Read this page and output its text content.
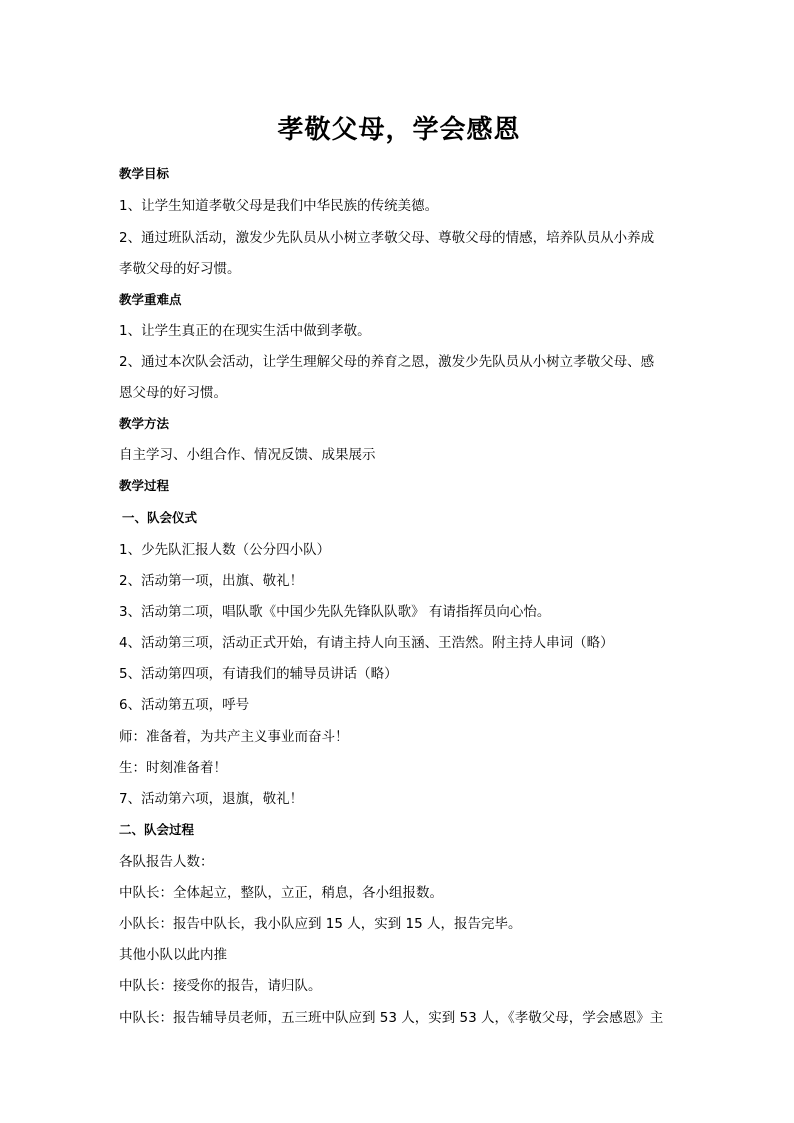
孝敬父母，学会感恩
教学目标
1、让学生知道孝敬父母是我们中华民族的传统美德。
2、通过班队活动，激发少先队员从小树立孝敬父母、尊敬父母的情感，培养队员从小养成
孝敬父母的好习惯。
教学重难点
1、让学生真正的在现实生活中做到孝敬。
2、通过本次队会活动，让学生理解父母的养育之恩，激发少先队员从小树立孝敬父母、感
恩父母的好习惯。
教学方法
自主学习、小组合作、情况反馈、成果展示
教学过程
一、队会仪式
1、少先队汇报人数（公分四小队）
2、活动第一项，出旗、敬礼！
3、活动第二项，唱队歌《中国少先队先锋队队歌》 有请指挥员向心怡。
4、活动第三项，活动正式开始，有请主持人向玉涵、王浩然。附主持人串词（略）
5、活动第四项，有请我们的辅导员讲话（略）
6、活动第五项，呼号
师：准备着，为共产主义事业而奋斗！
生：时刻准备着！
7、活动第六项，退旗，敬礼！
二、队会过程
各队报告人数：
中队长：全体起立，整队，立正，稍息，各小组报数。
小队长：报告中队长，我小队应到 15 人，实到 15 人，报告完毕。
其他小队以此内推
中队长：接受你的报告，请归队。
中队长：报告辅导员老师，五三班中队应到 53 人，实到 53 人，《孝敬父母，学会感恩》主
